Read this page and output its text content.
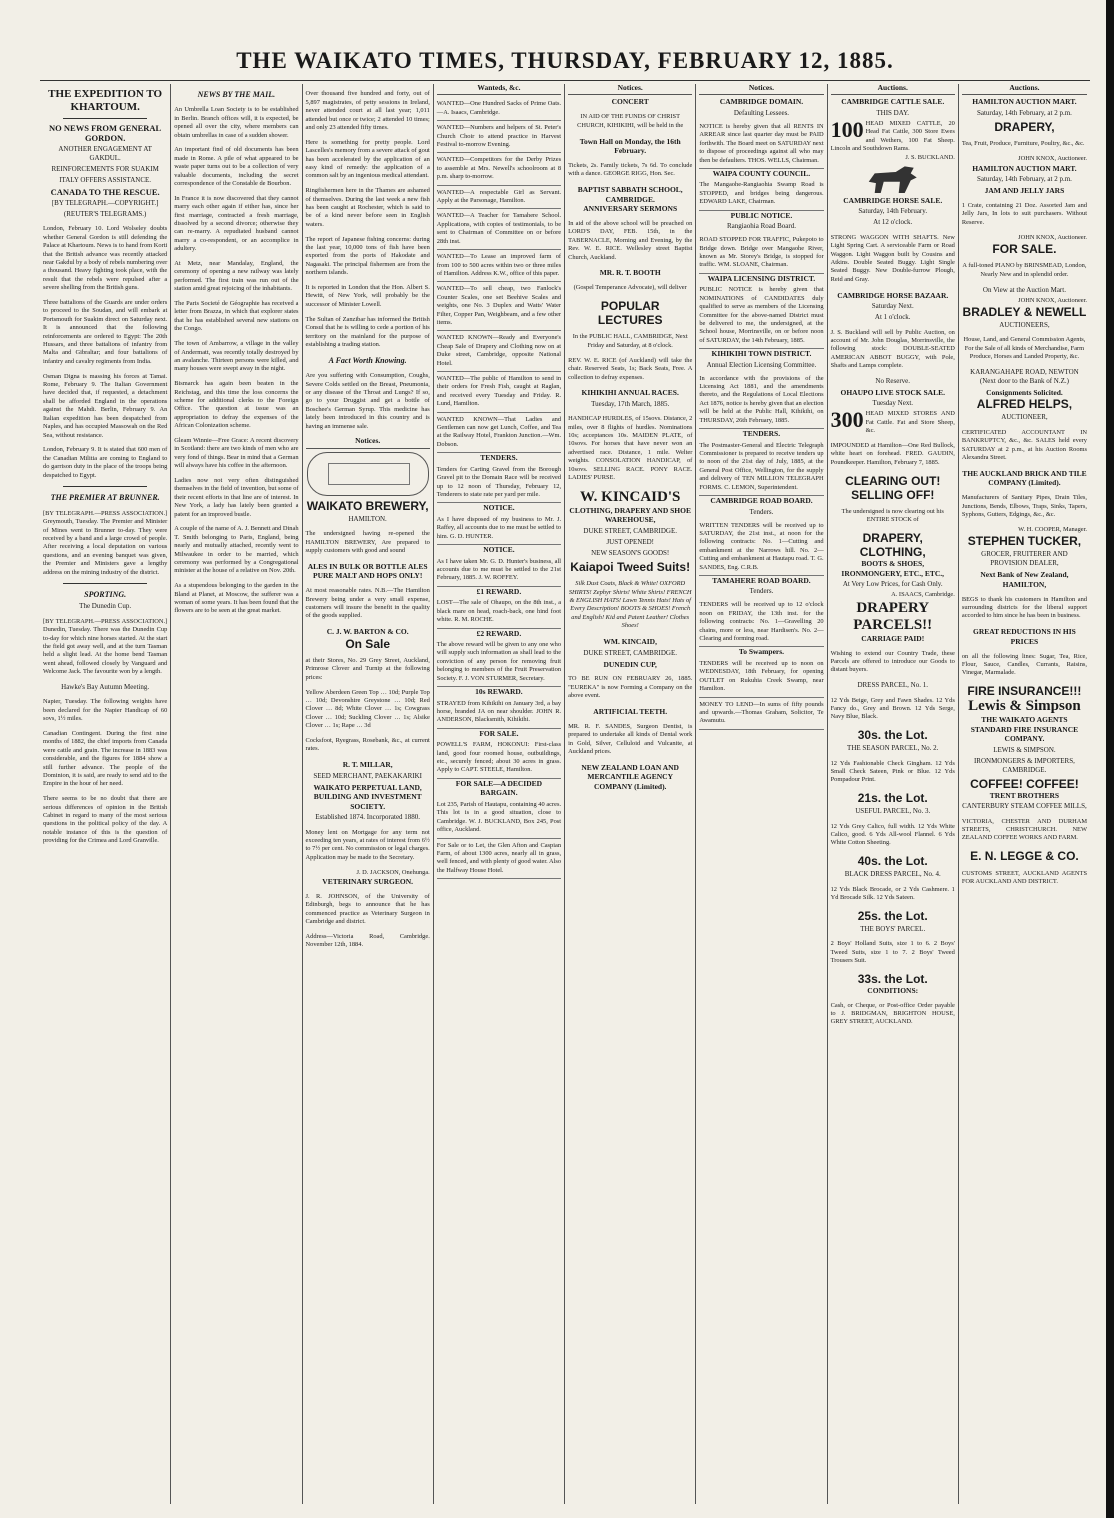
THE WAIKATO TIMES, THURSDAY, FEBRUARY 12, 1885.
THE EXPEDITION TO KHARTOUM.
NO NEWS FROM GENERAL GORDON.
ANOTHER ENGAGEMENT AT GAKDUL.
REINFORCEMENTS FOR SUAKIM
ITALY OFFERS ASSISTANCE.
CANADA TO THE RESCUE.
[BY TELEGRAPH.—COPYRIGHT.]
(REUTER'S TELEGRAMS.)

London, February 10. Lord Wolseley doubts whether General Gordon is still defending the Palace at Khartoum. News is to hand from Korti that the British advance was recently attacked near Gakdul by a body of rebels numbering over a thousand. Heavy fighting took place, with the result that the rebels were repulsed after a severe shelling from the British guns.

Three battalions of the Guards are under orders to proceed to the Soudan, and will embark at Portsmouth for Suakim direct on Saturday next. It is announced that the following reinforcements are ordered to Egypt: The 20th Hussars, and three battalions of infantry from Malta and Gibraltar; and four battalions of infantry and cavalry regiments from India.

Osman Digna is massing his forces at Tamai. Rome, February 9. The Italian Government have decided that, if requested, a detachment shall be afforded England in the operations against the Mahdi. Berlin, February 9. An Italian expedition has been despatched from Naples, and has occupied Massowah on the Red Sea, without resistance.

London, February 9. It is stated that 600 men of the Canadian Militia are coming to England to do garrison duty in the place of the troops being despatched to Egypt.

THE PREMIER AT BRUNNER.

[BY TELEGRAPH.—PRESS ASSOCIATION.] Greymouth, Tuesday. The Premier and Minister of Mines went to Brunner to-day. They were received by a band and a large crowd of people. After receiving a local deputation on various questions, and an evening banquet was given, the Premier and Ministers gave a lengthy address on the mining industry of the district.

SPORTING.
The Dunedin Cup.

[BY TELEGRAPH.—PRESS ASSOCIATION.] Dunedin, Tuesday. There was the Dunedin Cup to-day for which nine horses started. At the start the field got away well, and at the turn Tasman held a slight lead. At the home bend Tasman went ahead, followed closely by Vanguard and Welcome Jack. The favourite won by a length.

Hawke's Bay Autumn Meeting.

Napier, Tuesday. The following weights have been declared for the Napier Handicap of 60 sovs, 1½ miles.

Canadian Contingent. During the first nine months of 1882, the chief imports from Canada were cattle and grain. The increase in 1883 was considerable, and the figures for 1884 show a still further advance. The people of the Dominion, it is said, are ready to send aid to the Empire in the hour of her need.

There seems to be no doubt that there are serious differences of opinion in the British Cabinet in regard to many of the most serious questions in the political policy of the day. A notable instance of this is the question of providing for the Crimea and Lord Granville.

NEWS BY THE MAIL.

An Umbrella Loan Society is to be established in Berlin. Branch offices will, it is expected, be opened all over the city, where members can obtain umbrellas in case of a sudden shower.

An important find of old documents has been made in Rome. A pile of what appeared to be waste paper turns out to be a collection of very valuable documents, including the secret correspondence of the Constable de Bourbon.

In France it is now discovered that they cannot marry each other again if either has, since her first marriage, contracted a fresh marriage, dissolved by a second divorce; otherwise they can re-marry. A repudiated husband cannot marry a co-respondent, or an accomplice in adultery.

At Metz, near Mandalay, England, the ceremony of opening a new railway was lately performed. The first train was run out of the station amid great rejoicing of the inhabitants.

The Paris Societé de Géographie has received a letter from Brazza, in which that explorer states that he has established several new stations on the Congo.

The town of Ambarrow, a village in the valley of Andermatt, was recently totally destroyed by an avalanche. Thirteen persons were killed, and many houses were swept away in the night.

Bismarck has again been beaten in the Reichstag, and this time the loss concerns the scheme for additional clerks to the Foreign Office. The question at issue was an appropriation to defray the expenses of the African Colonization scheme.

Gleam Winnie—Free Grace: A recent discovery in Scotland: there are two kinds of men who are very fond of things. Bear in mind that a German will always have his coffee in the afternoon.

Ladies now not very often distinguished themselves in the field of invention, but some of their recent efforts in that line are of interest. In New York, a lady has lately been granted a patent for an improved bustle.

A couple of the name of A. J. Bennett and Dinah T. Smith belonging to Paris, England, being nearly and mutually attached, recently went to Milwaukee in order to be married, which ceremony was performed by a Congregational minister at the house of a relative on Nov. 20th.

As a stupendous belonging to the garden in the Bland at Planet, at Moscow, the sufferer was a woman of some years. It has been found that the flowers are to be seen at the great market.

Over thousand five hundred and forty, out of 5,897 magistrates, of petty sessions in Ireland, never attended court at all last year; 1,011 attended but once or twice; 2 attended 10 times; and only 23 attended fifty times.

Here is something for pretty people. Lord Lascelles's memory from a severe attack of gout has been accelerated by the application of an easy kind of remedy: the application of a common salt by an ingenious medical attendant.

Ringfishermen here in the Thames are ashamed of themselves. During the last week a new fish has been caught at Rochester, which is said to be of a kind never before seen in English waters.

The report of Japanese fishing concerns: during the last year, 10,000 tons of fish have been exported from the ports of Hakodate and Nagasaki. The principal fishermen are from the northern islands.

It is reported in London that the Hon. Albert S. Hewitt, of New York, will probably be the successor of Minister Lowell.

The Sultan of Zanzibar has informed the British Consul that he is willing to cede a portion of his territory on the mainland for the purpose of establishing a trading station.

A Fact Worth Knowing.

Are you suffering with Consumption, Coughs, Severe Colds settled on the Breast, Pneumonia, or any disease of the Throat and Lungs? If so, go to your Druggist and get a bottle of Boschee's German Syrup. This medicine has lately been introduced in this country and is having an immense sale.

Notices.
WAIKATO BREWERY,
HAMILTON.

The undersigned having re-opened the HAMILTON BREWERY, Are prepared to supply customers with good and sound

ALES IN BULK OR BOTTLE ALES
PURE MALT AND HOPS ONLY!

At most reasonable rates. N.B.—The Hamilton Brewery being under a very small expense, customers will insure the benefit in the quality of the goods supplied.

C. J. W. BARTON & CO.
On Sale

at their Stores, No. 29 Grey Street, Auckland, Primrose Clover and Turnip at the following prices:

Yellow Aberdeen Green Top … 10d; Purple Top … 10d; Devonshire Greystone … 10d; Red Clover … 8d; White Clover … 1s; Cowgrass Clover … 10d; Suckling Clover … 1s; Alsike Clover … 1s; Rape … 3d

Cocksfoot, Ryegrass, Rosebank, &c., at current rates.

R. T. MILLAR,
SEED MERCHANT, PAEKAKARIKI
WAIKATO PERPETUAL LAND, BUILDING AND INVESTMENT SOCIETY.
Established 1874. Incorporated 1880.

Money lent on Mortgage for any term not exceeding ten years, at rates of interest from 6½ to 7½ per cent. No commission or legal charges. Application may be made to the Secretary.

J. D. JACKSON, Onehunga.
VETERINARY SURGEON.

J. R. JOHNSON, of the University of Edinburgh, begs to announce that he has commenced practice as Veterinary Surgeon in Cambridge and district.

Address—Victoria Road, Cambridge. November 12th, 1884.

Wanteds, &c.
WANTED—One Hundred Sacks of Prime Oats.—A. Isaacs, Cambridge.
WANTED—Numbers and helpers of St. Peter's Church Choir to attend practice in Harvest Festival to-morrow Evening.
WANTED—Competitors for the Derby Prizes to assemble at Mrs. Newell's schoolroom at 8 p.m. sharp to-morrow.
WANTED—A respectable Girl as Servant. Apply at the Parsonage, Hamilton.
WANTED—A Teacher for Tamahere School. Applications, with copies of testimonials, to be sent to Chairman of Committee on or before 28th inst.
WANTED—To Lease an improved farm of from 100 to 500 acres within two or three miles of Hamilton. Address K.W., office of this paper.
WANTED—To sell cheap, two Fanlock's Counter Scales, one set Beehive Scales and weights, one No. 3 Duplex and Watts' Water Filter, Copper Pan, Weighbeam, and a few other items.
WANTED KNOWN—Ready and Everyone's Cheap Sale of Drapery and Clothing now on at Duke street, Cambridge, opposite National Hotel.
WANTED—The public of Hamilton to send in their orders for Fresh Fish, caught at Raglan, and received every Tuesday and Friday. R. Lund, Hamilton.
WANTED KNOWN—That Ladies and Gentlemen can now get Lunch, Coffee, and Tea at the Railway Hotel, Frankton Junction.—Wm. Dobson.
TENDERS.
Tenders for Carting Gravel from the Borough Gravel pit to the Domain Race will be received up to 12 noon of Thursday, February 12, Tenderers to state rate per yard per mile.
NOTICE.
As I have disposed of my business to Mr. J. Raffey, all accounts due to me must be settled to him. G. D. HUNTER.
NOTICE.
As I have taken Mr. G. D. Hunter's business, all accounts due to me must be settled to the 21st February, 1885. J. W. ROFFEY.
£1 REWARD.
LOST—The sale of Ohaupo, on the 8th inst., a black mare on head, roach-back, one hind foot white. R. M. ROCHE.
£2 REWARD.
The above reward will be given to any one who will supply such information as shall lead to the conviction of any person for removing fruit belonging to members of the Fruit Preservation Society. F. J. VON STURMER, Secretary.
10s REWARD.
STRAYED from Kihikihi on January 3rd, a bay horse, branded JA on near shoulder. JOHN R. ANDERSON, Blacksmith, Kihikihi.
FOR SALE.
POWELL'S FARM, HOKONUI: First-class land, good four roomed house, outbuildings, etc., securely fenced; about 30 acres in grass. Apply to CAPT. STEELE, Hamilton.
FOR SALE—A DECIDED BARGAIN.
Lot 235, Parish of Hautapu, containing 40 acres. This lot is in a good situation, close to Cambridge. W. J. BUCKLAND, Box 245, Post office, Auckland.
For Sale or to Let, the Glen Afton and Caspian Farm, of about 1300 acres, nearly all in grass, well fenced, and with plenty of good water. Also the Halfway House Hotel.
Notices.
CONCERT

IN AID OF THE FUNDS OF CHRIST CHURCH, KIHIKIHI, will be held in the

Town Hall on Monday, the 16th February.

Tickets, 2s. Family tickets, 7s 6d. To conclude with a dance. GEORGE RIGG, Hon. Sec.

BAPTIST SABBATH SCHOOL, CAMBRIDGE.
ANNIVERSARY SERMONS

In aid of the above school will be preached on LORD'S DAY, FEB. 15th, in the TABERNACLE, Morning and Evening, by the Rev. W. E. RICE. Wellesley street Baptist Church, Auckland.

MR. R. T. BOOTH

(Gospel Temperance Advocate), will deliver

POPULAR LECTURES

In the PUBLIC HALL, CAMBRIDGE, Next Friday and Saturday, at 8 o'clock.

REV. W. E. RICE (of Auckland) will take the chair. Reserved Seats, 1s; Back Seats, Free. A collection to defray expenses.

KIHIKIHI ANNUAL RACES.
Tuesday, 17th March, 1885.

HANDICAP HURDLES, of 15sovs. Distance, 2 miles, over 8 flights of hurdles. Nominations 10s; acceptances 10s. MAIDEN PLATE, of 10sovs. For horses that have never won an advertised race. Distance, 1 mile. Welter weights. CONSOLATION HANDICAP, of 10sovs. SELLING RACE. PONY RACE. LADIES' PURSE.

W. KINCAID'S
CLOTHING, DRAPERY AND SHOE WAREHOUSE,
DUKE STREET, CAMBRIDGE.
JUST OPENED!
NEW SEASON'S GOODS!
Kaiapoi Tweed Suits!

Silk Dust Coats, Black & White! OXFORD SHIRTS! Zephyr Shirts! White Shirts! FRENCH & ENGLISH HATS! Lawn Tennis Hats! Hats of Every Description! BOOTS & SHOES! French and English! Kid and Patent Leather! Clothes Shoes!

WM. KINCAID,
DUKE STREET, CAMBRIDGE.
DUNEDIN CUP,

TO BE RUN ON FEBRUARY 26, 1885. "EUREKA" is now Forming a Company on the above event.

ARTIFICIAL TEETH.

MR. R. F. SANDES, Surgeon Dentist, is prepared to undertake all kinds of Dental work in Gold, Silver, Celluloid and Vulcanite, at Auckland prices.

NEW ZEALAND LOAN AND MERCANTILE AGENCY COMPANY (Limited).
Notices.
CAMBRIDGE DOMAIN.
Defaulting Lessees.
NOTICE is hereby given that all RENTS IN ARREAR since last quarter day must be PAID forthwith. The Board meet on SATURDAY next to dispose of proceedings against all who may then be defaulters. THOS. WELLS, Chairman.
WAIPA COUNTY COUNCIL.
The Mangaohe-Rangiaohia Swamp Road is STOPPED, and bridges being dangerous. EDWARD LAKE, Chairman.
PUBLIC NOTICE.
Rangiaohia Road Board.
ROAD STOPPED FOR TRAFFIC, Pukepoto to Bridge down. Bridge over Mangaohe River, known as Mr. Storey's Bridge, is stopped for traffic. WM. SLOANE, Chairman.
WAIPA LICENSING DISTRICT.
PUBLIC NOTICE is hereby given that NOMINATIONS of CANDIDATES duly qualified to serve as members of the Licensing Committee for the above-named District must be delivered to me, the undersigned, at the School house, Morrinsville, on or before noon of SATURDAY, the 14th February, 1885.
KIHIKIHI TOWN DISTRICT.
Annual Election Licensing Committee.
In accordance with the provisions of the Licensing Act 1881, and the amendments thereto, and the Regulations of Local Elections Act 1876, notice is hereby given that an election will be held at the Public Hall, Kihikihi, on THURSDAY, 26th February, 1885.
TENDERS.
The Postmaster-General and Electric Telegraph Commissioner is prepared to receive tenders up to noon of the 21st day of July, 1885, at the General Post Office, Wellington, for the supply and delivery of TEN MILLION TELEGRAPH FORMS. C. LEMON, Superintendent.
CAMBRIDGE ROAD BOARD.
Tenders.
WRITTEN TENDERS will be received up to SATURDAY, the 21st inst., at noon for the following contracts: No. 1—Cutting and embankment at the Narrows hill. No. 2—Cutting and embankment at Hautapu road. T. G. SANDES, Eng. C.R.B.
TAMAHERE ROAD BOARD.
Tenders.
TENDERS will be received up to 12 o'clock noon on FRIDAY, the 13th inst. for the following contracts: No. 1—Gravelling 20 chains, more or less, near Hardisen's. No. 2—Clearing and forming road.
To Swampers.
TENDERS will be received up to noon on WEDNESDAY, 18th February, for opening OUTLET on Rukuhia Creek Swamp, near Hamilton.
MONEY TO LEND—In sums of fifty pounds and upwards.—Thomas Graham, Solicitor, Te Awamutu.
Auctions.
CAMBRIDGE CATTLE SALE.
THIS DAY.
100 HEAD MIXED CATTLE, 20 Head Fat Cattle, 300 Store Ewes and Wethers, 100 Fat Sheep. Lincoln and Southdown Rams.
J. S. BUCKLAND.
CAMBRIDGE HORSE SALE.
Saturday, 14th February.
At 12 o'clock.

STRONG WAGGON WITH SHAFTS. New Light Spring Cart. A serviceable Farm or Road Waggon. Light Waggon built by Cousins and Atkins. Double Seated Buggy. Light Single Seated Buggy. New Double-furrow Plough, Reid and Gray.

CAMBRIDGE HORSE BAZAAR.
Saturday Next.
At 1 o'clock.

J. S. Buckland will sell by Public Auction, on account of Mr. John Douglas, Morrinsville, the following stock: DOUBLE-SEATED AMERICAN ABBOT BUGGY, with Pole, Shafts and Lamps complete.

No Reserve.
OHAUPO LIVE STOCK SALE.
Tuesday Next.
300 HEAD MIXED STORES AND Fat Cattle. Fat and Store Sheep, &c.

IMPOUNDED at Hamilton—One Red Bullock, white heart on forehead. FRED. GAUDIN, Poundkeeper. Hamilton, February 7, 1885.

CLEARING OUT!
SELLING OFF!

The undersigned is now clearing out his ENTIRE STOCK of

DRAPERY, CLOTHING,
BOOTS & SHOES,
IRONMONGERY, ETC., ETC.,
At Very Low Prices, for Cash Only.
A. ISAACS, Cambridge.
DRAPERY PARCELS!!
CARRIAGE PAID!

Wishing to extend our Country Trade, these Parcels are offered to introduce our Goods to distant buyers.

DRESS PARCEL, No. 1.

12 Yds Beige, Grey and Fawn Shades. 12 Yds Fancy do., Grey and Brown. 12 Yds Serge, Navy Blue, Black.

30s. the Lot.
THE SEASON PARCEL, No. 2.

12 Yds Fashionable Check Gingham. 12 Yds Small Check Sateen, Pink or Blue. 12 Yds Pompadour Print.

21s. the Lot.
USEFUL PARCEL, No. 3.

12 Yds Grey Calico, full width. 12 Yds White Calico, good. 6 Yds All-wool Flannel. 6 Yds White Cotton Sheeting.

40s. the Lot.
BLACK DRESS PARCEL, No. 4.

12 Yds Black Brocade, or 2 Yds Cashmere. 1 Yd Brocade Silk. 12 Yds Sateen.

25s. the Lot.
THE BOYS' PARCEL.

2 Boys' Holland Suits, size 1 to 6. 2 Boys' Tweed Suits, size 1 to 7. 2 Boys' Tweed Trousers Suit.

33s. the Lot.
CONDITIONS:

Cash, or Cheque, or Post-office Order payable to J. BRIDGMAN, BRIGHTON HOUSE, GREY STREET, AUCKLAND.

Auctions.
HAMILTON AUCTION MART.
Saturday, 14th February, at 2 p.m.
DRAPERY,

Tea, Fruit, Produce, Furniture, Poultry, &c., &c.

JOHN KNOX, Auctioneer.
HAMILTON AUCTION MART.
Saturday, 14th February, at 2 p.m.
JAM AND JELLY JARS

1 Crate, containing 21 Doz. Assorted Jam and Jelly Jars, In lots to suit purchasers. Without Reserve.

JOHN KNOX, Auctioneer.
FOR SALE.

A full-toned PIANO by BRINSMEAD, London, Nearly New and in splendid order.

On View at the Auction Mart.
JOHN KNOX, Auctioneer.
BRADLEY & NEWELL
AUCTIONEERS,

House, Land, and General Commission Agents, For the Sale of all kinds of Merchandise, Farm Produce, Horses and Landed Property, &c.

KARANGAHAPE ROAD, NEWTON (Next door to the Bank of N.Z.)
Consignments Solicited.
ALFRED HELPS,
AUCTIONEER,

CERTIFICATED ACCOUNTANT IN BANKRUPTCY, &c., &c. SALES held every SATURDAY at 2 p.m., at his Auction Rooms Alexandra Street.

THE AUCKLAND BRICK AND TILE COMPANY (Limited).

Manufacturers of Sanitary Pipes, Drain Tiles, Junctions, Bends, Elbows, Traps, Sinks, Tapers, Syphons, Gutters, Edgings, &c., &c.

W. H. COOPER, Manager.
STEPHEN TUCKER,
GROCER, FRUITERER AND PROVISION DEALER,
Next Bank of New Zealand, HAMILTON,

BEGS to thank his customers in Hamilton and surrounding districts for the liberal support accorded to him since he has been in business.

GREAT REDUCTIONS IN HIS PRICES

on all the following lines: Sugar, Tea, Rice, Flour, Sauce, Candles, Currants, Raisins, Vinegar, Marmalade.

FIRE INSURANCE!!!
Lewis & Simpson
THE WAIKATO AGENTS
STANDARD FIRE INSURANCE COMPANY.
LEWIS & SIMPSON.
IRONMONGERS & IMPORTERS, CAMBRIDGE.
COFFEE! COFFEE!
TRENT BROTHERS
CANTERBURY STEAM COFFEE MILLS,

VICTORIA, CHESTER AND DURHAM STREETS, CHRISTCHURCH. NEW ZEALAND COFFEE WORKS AND FARM.

E. N. LEGGE & CO.

CUSTOMS STREET, AUCKLAND AGENTS FOR AUCKLAND AND DISTRICT.
